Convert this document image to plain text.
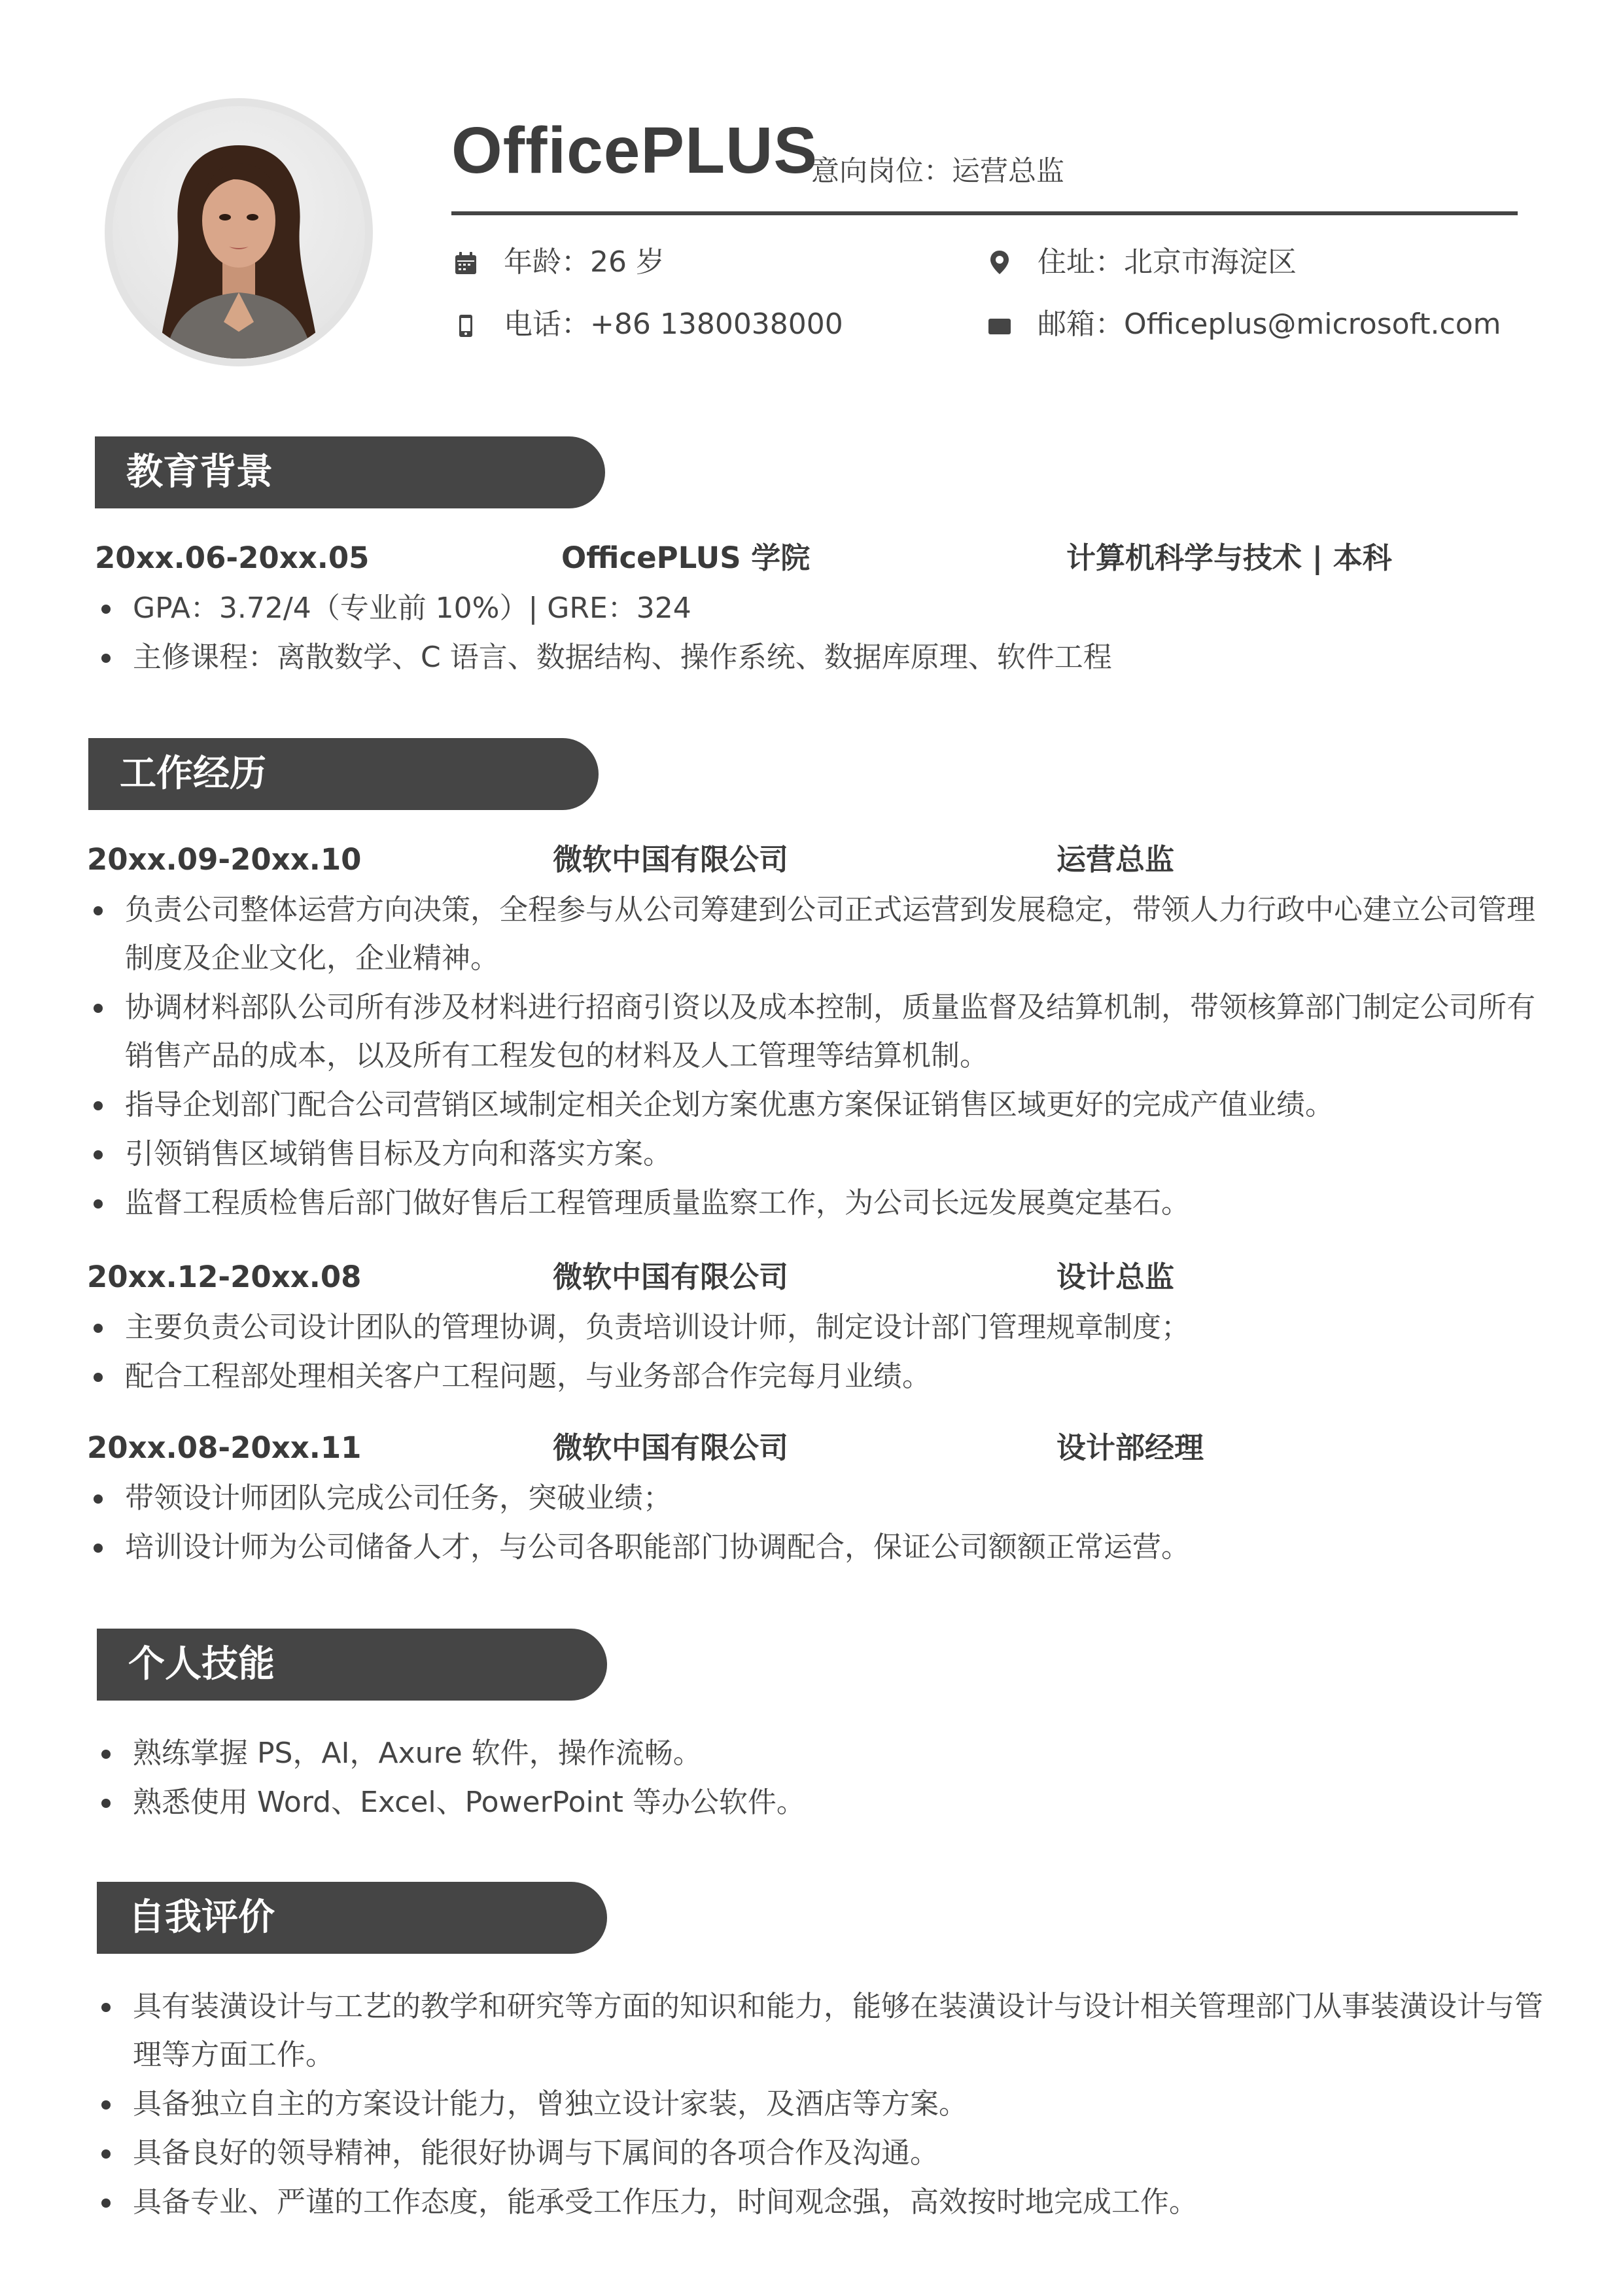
OfficePLUS
意向岗位：运营总监
年龄：26 岁	住址：北京市海淀区
电话：+86 1380038000	邮箱：Officeplus@microsoft.com
教育背景
20xx.06-20xx.05	OfficePLUS 学院	计算机科学与技术 | 本科
GPA：3.72/4（专业前 10%）| GRE：324
主修课程：离散数学、C 语言、数据结构、操作系统、数据库原理、软件工程
工作经历
20xx.09-20xx.10	微软中国有限公司	运营总监
负责公司整体运营方向决策，全程参与从公司筹建到公司正式运营到发展稳定，带领人力行政中心建立公司管理制度及企业文化，企业精神。
协调材料部队公司所有涉及材料进行招商引资以及成本控制，质量监督及结算机制，带领核算部门制定公司所有销售产品的成本，以及所有工程发包的材料及人工管理等结算机制。
指导企划部门配合公司营销区域制定相关企划方案优惠方案保证销售区域更好的完成产值业绩。
引领销售区域销售目标及方向和落实方案。
监督工程质检售后部门做好售后工程管理质量监察工作，为公司长远发展奠定基石。
20xx.12-20xx.08	微软中国有限公司	设计总监
主要负责公司设计团队的管理协调，负责培训设计师，制定设计部门管理规章制度；
配合工程部处理相关客户工程问题，与业务部合作完每月业绩。
20xx.08-20xx.11	微软中国有限公司	设计部经理
带领设计师团队完成公司任务，突破业绩；
培训设计师为公司储备人才，与公司各职能部门协调配合，保证公司额额正常运营。
个人技能
熟练掌握 PS，AI，Axure 软件，操作流畅。
熟悉使用 Word、Excel、PowerPoint 等办公软件。
自我评价
具有装潢设计与工艺的教学和研究等方面的知识和能力，能够在装潢设计与设计相关管理部门从事装潢设计与管理等方面工作。
具备独立自主的方案设计能力，曾独立设计家装，及酒店等方案。
具备良好的领导精神，能很好协调与下属间的各项合作及沟通。
具备专业、严谨的工作态度，能承受工作压力，时间观念强，高效按时地完成工作。
